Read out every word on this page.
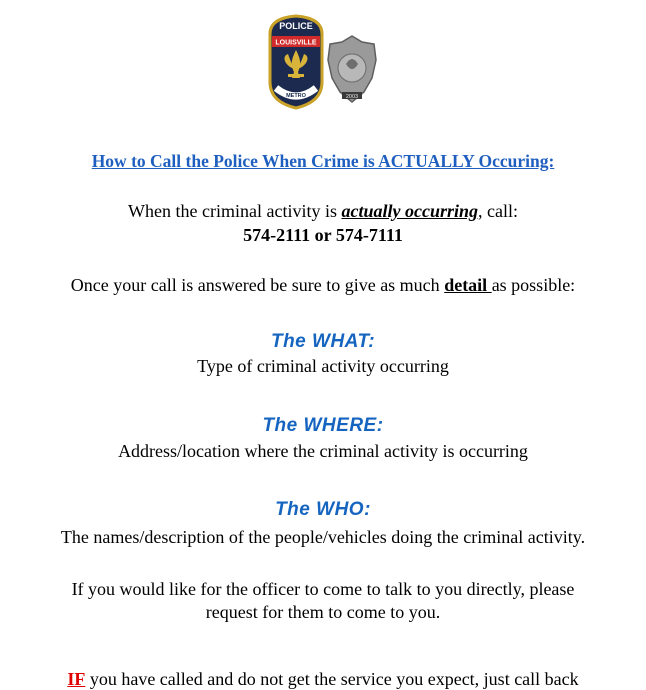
2003
POLICE
LOUISVILLE
METRO
How to Call the Police When Crime is ACTUALLY Occuring:
When the criminal activity is actually occurring, call:
574-2111 or 574-7111
Once your call is answered be sure to give as much detail as possible:
The WHAT:
Type of criminal activity occurring
The WHERE:
Address/location where the criminal activity is occurring
The WHO:
The names/description of the people/vehicles doing the criminal activity.
If you would like for the officer to come to talk to you directly, please
request for them to come to you.
IF you have called and do not get the service you expect, just call back
